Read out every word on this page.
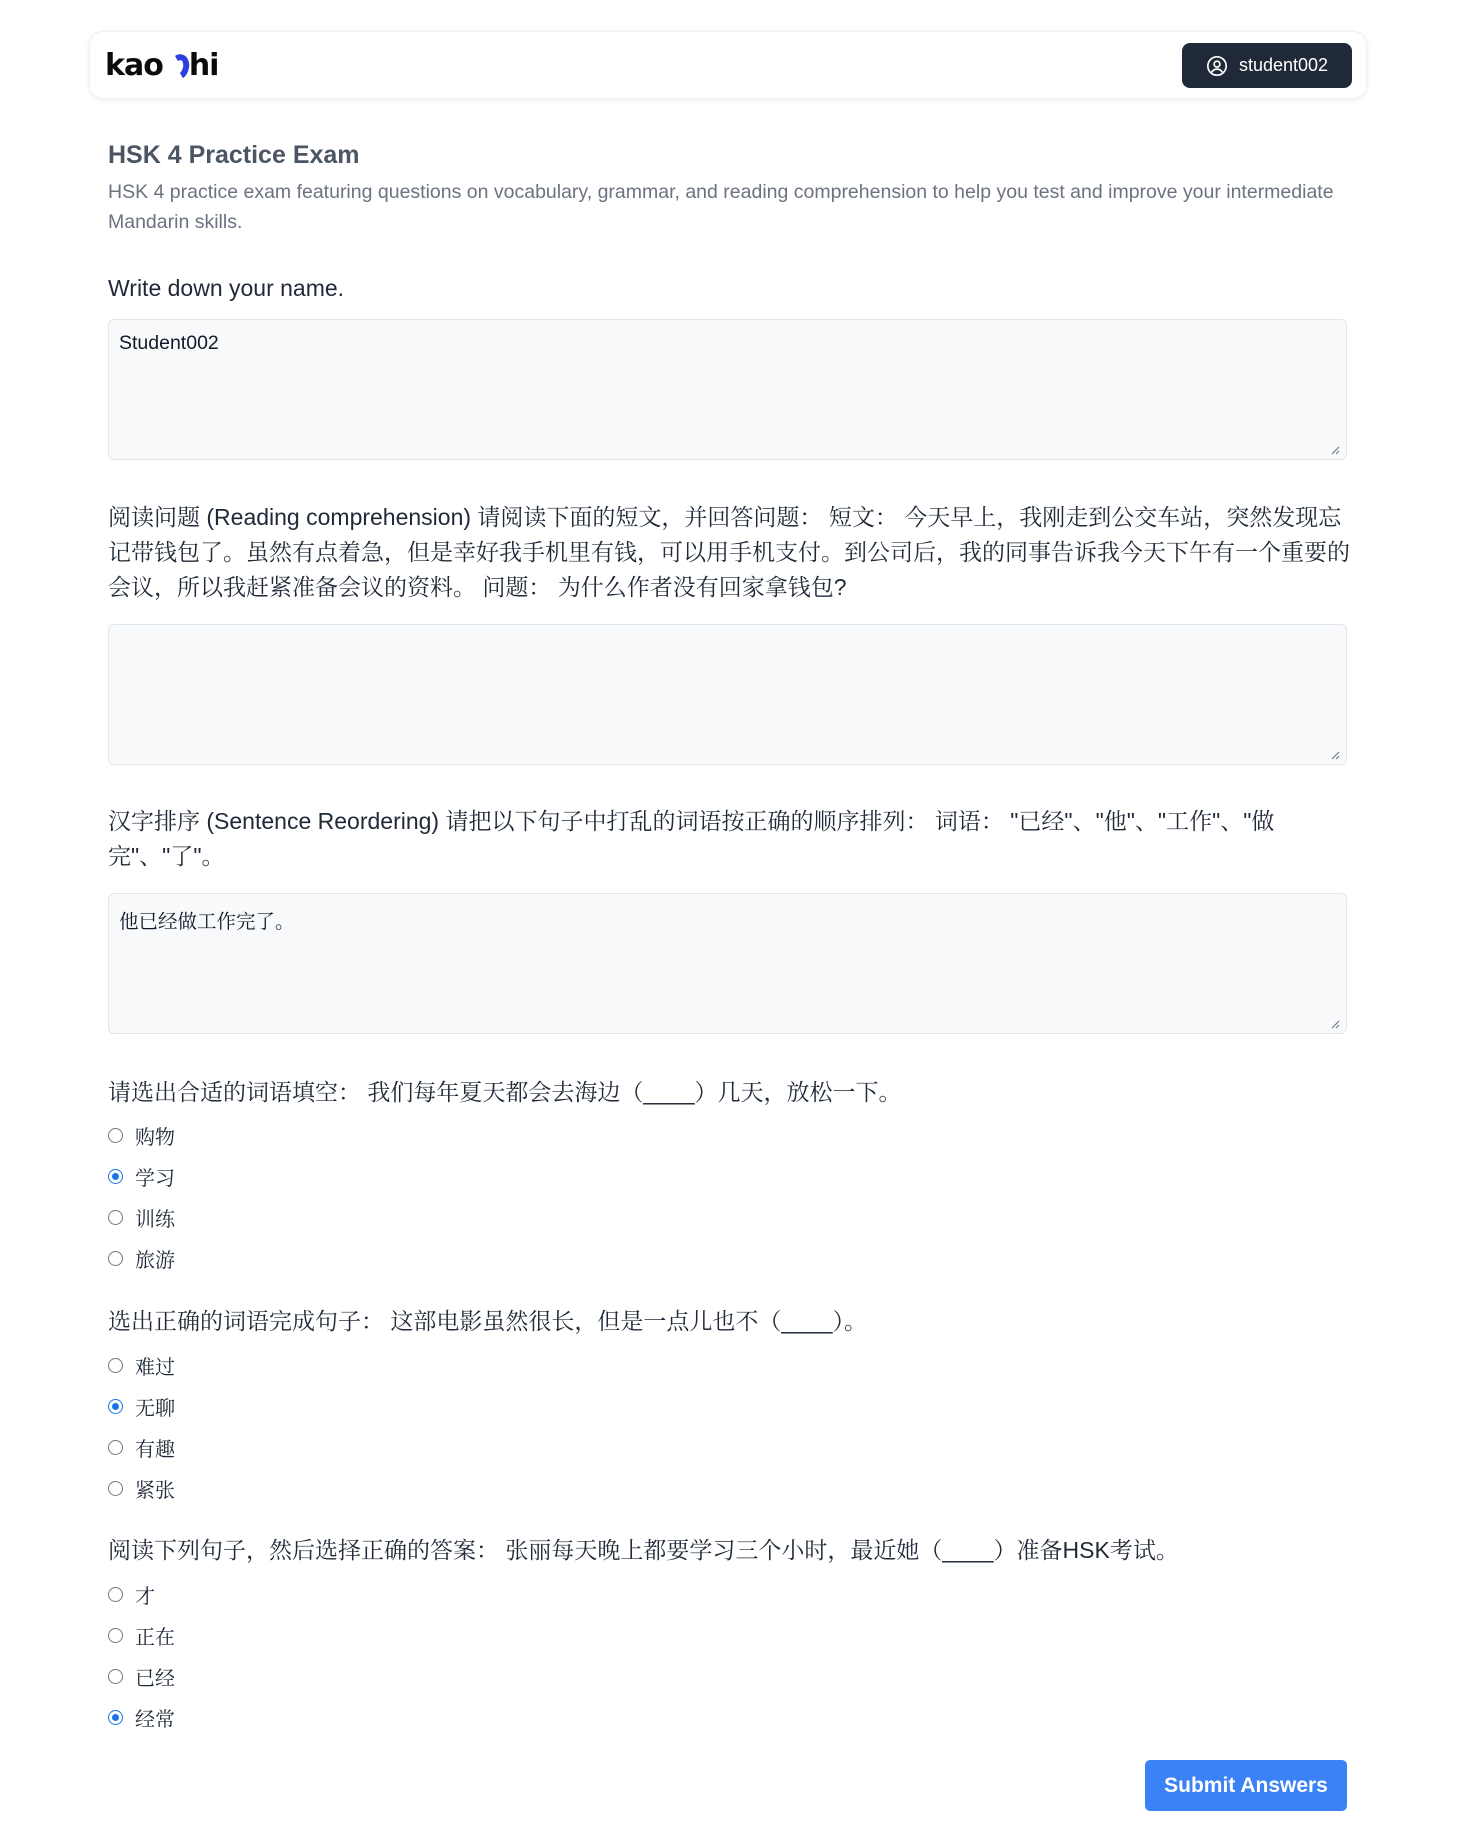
kao hi	student002
HSK 4 Practice Exam
HSK 4 practice exam featuring questions on vocabulary, grammar, and reading comprehension to help you test and improve your intermediate Mandarin skills.
Write down your name.
Student002
阅读问题 (Reading comprehension) 请阅读下面的短文，并回答问题： 短文： 今天早上，我刚走到公交车站，突然发现忘记带钱包了。虽然有点着急，但是幸好我手机里有钱，可以用手机支付。到公司后，我的同事告诉我今天下午有一个重要的会议，所以我赶紧准备会议的资料。 问题： 为什么作者没有回家拿钱包?
汉字排序 (Sentence Reordering) 请把以下句子中打乱的词语按正确的顺序排列： 词语： "已经"、"他"、"工作"、"做完"、"了"。
他已经做工作完了。
请选出合适的词语填空： 我们每年夏天都会去海边（____）几天，放松一下。
购物
学习
训练
旅游
选出正确的词语完成句子： 这部电影虽然很长，但是一点儿也不（____）。
难过
无聊
有趣
紧张
阅读下列句子，然后选择正确的答案： 张丽每天晚上都要学习三个小时，最近她（____）准备HSK考试。
才
正在
已经
经常
Submit Answers
